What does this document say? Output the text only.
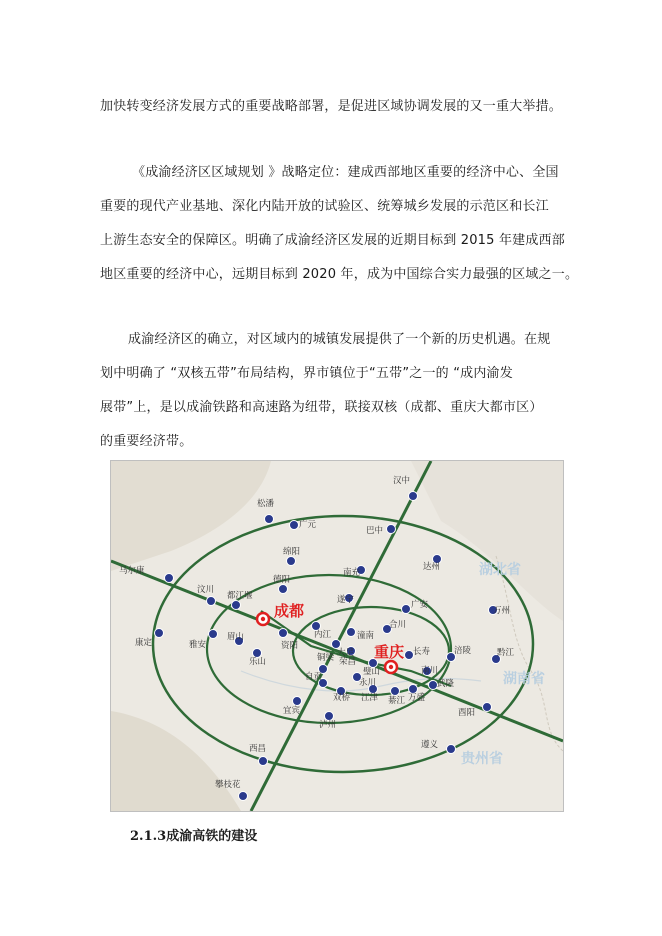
加快转变经济发展方式的重要战略部署，是促进区域协调发展的又一重大举措。
《成渝经济区区域规划 》战略定位：建成西部地区重要的经济中心、全国
重要的现代产业基地、深化内陆开放的试验区、统筹城乡发展的示范区和长江
上游生态安全的保障区。明确了成渝经济区发展的近期目标到 2015 年建成西部
地区重要的经济中心，远期目标到 2020 年，成为中国综合实力最强的区域之一。
成渝经济区的确立，对区域内的城镇发展提供了一个新的历史机遇。在规
划中明确了 “双核五带”布局结构，界市镇位于“五带”之一的 “成内渝发
展带”上，是以成渝铁路和高速路为纽带，联接双核（成都、重庆大都市区）
的重要经济带。
湖北省
湖南省
贵州省
成都
重庆
汉中
松潘
广元
巴中
马尔康
绵阳
南充
达州
汶川
都江堰
德阳
遂宁	广安
万州
康定	雅安
眉山
资阳
内江	潼南
合川
长寿	涪陵	黔江
乐山
自贡
荣昌
大足
璧山
永川
江津 綦江 万盛
武隆
南川
双桥
宜宾
泸州
酉阳
西昌	遵义
攀枝花
铜梁
2.1.3成渝高铁的建设
